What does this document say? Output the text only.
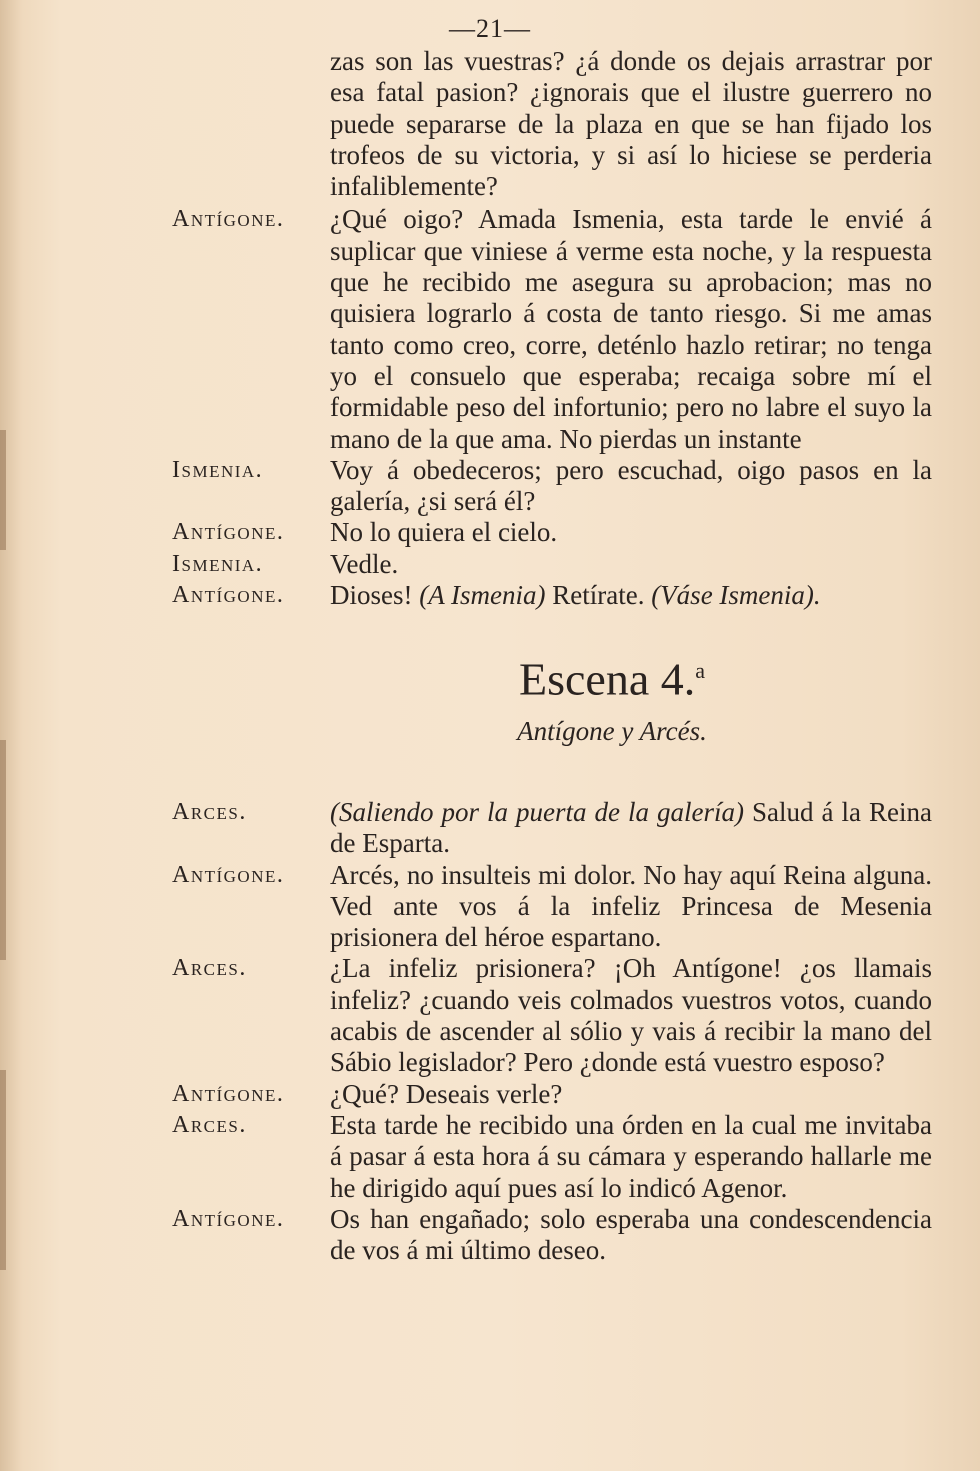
—21—
zas son las vuestras? ¿á donde os dejais arrastrar por esa fatal pasion? ¿ignorais que el ilustre guerrero no puede separarse de la plaza en que se han fijado los trofeos de su victoria, y si así lo hiciese se perderia infaliblemente?
Antígone.	¿Qué oigo? Amada Ismenia, esta tarde le envié á suplicar que viniese á verme esta noche, y la respuesta que he recibido me asegura su aprobacion; mas no quisiera lograrlo á costa de tanto riesgo. Si me amas tanto como creo, corre, deténlo hazlo retirar; no tenga yo el consuelo que esperaba; recaiga sobre mí el formidable peso del infortunio; pero no labre el suyo la mano de la que ama. No pierdas un instante
Ismenia.	Voy á obedeceros; pero escuchad, oigo pasos en la galería, ¿si será él?
Antígone.	No lo quiera el cielo.
Ismenia.	Vedle.
Antígone.	Dioses! (A Ismenia) Retírate. (Váse Ismenia).
Escena 4.$^a$
Antígone y Arcés.
Arces.	(Saliendo por la puerta de la galería) Salud á la Reina de Esparta.
Antígone.	Arcés, no insulteis mi dolor. No hay aquí Reina alguna. Ved ante vos á la infeliz Princesa de Mesenia prisionera del héroe espartano.
Arces.	¿La infeliz prisionera? ¡Oh Antígone! ¿os llamais infeliz? ¿cuando veis colmados vuestros votos, cuando acabis de ascender al sólio y vais á recibir la mano del Sábio legislador? Pero ¿donde está vuestro esposo?
Antígone.	¿Qué? Deseais verle?
Arces.	Esta tarde he recibido una órden en la cual me invitaba á pasar á esta hora á su cámara y esperando hallarle me he dirigido aquí pues así lo indicó Agenor.
Antígone.	Os han engañado; solo esperaba una condescendencia de vos á mi último deseo.
